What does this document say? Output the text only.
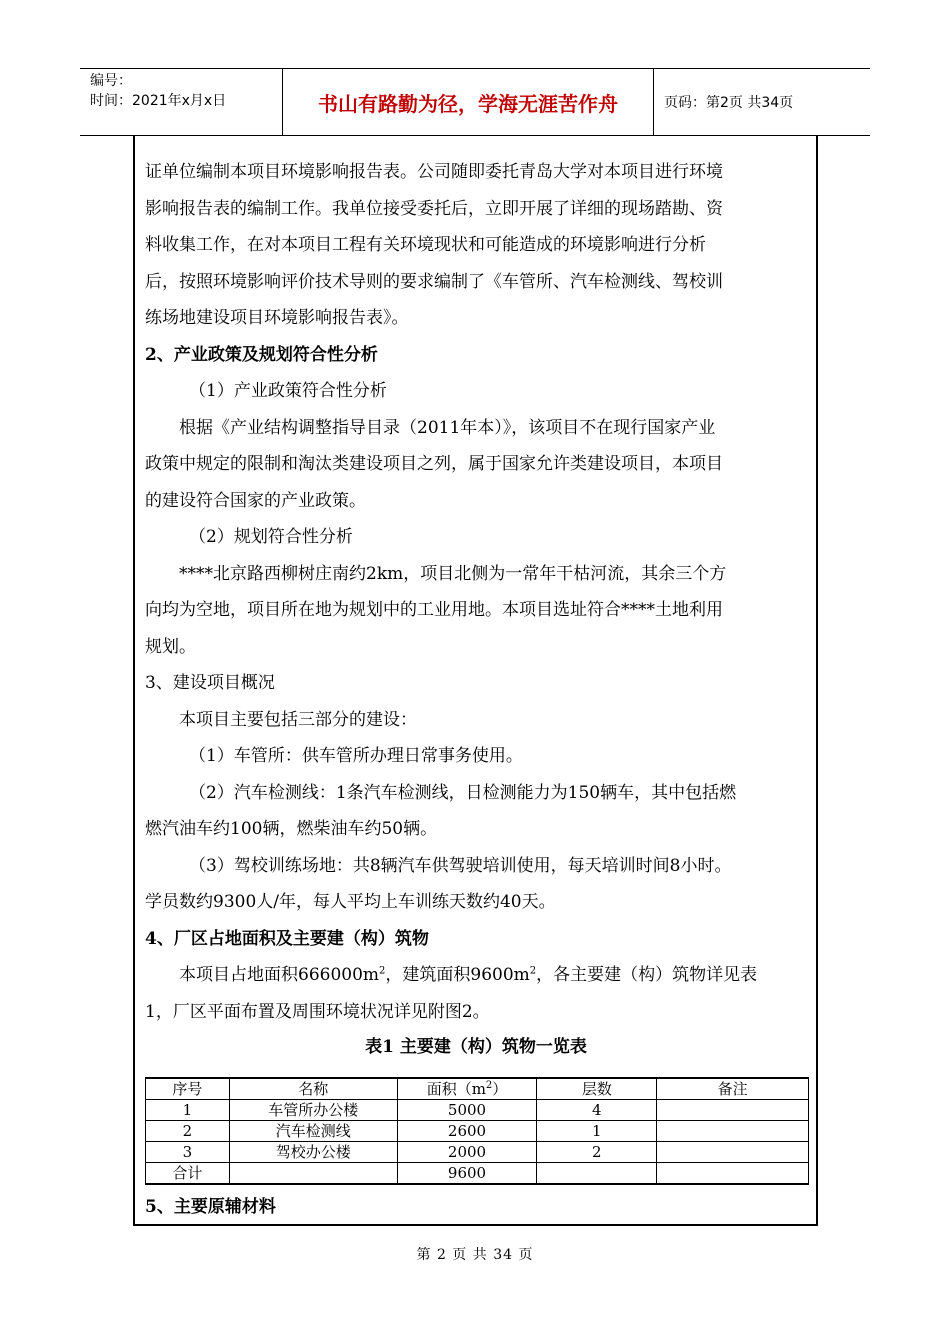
编号：
时间：2021年x月x日	书山有路勤为径，学海无涯苦作舟	页码：第2页 共34页

证单位编制本项目环境影响报告表。公司随即委托青岛大学对本项目进行环境

影响报告表的编制工作。我单位接受委托后，立即开展了详细的现场踏勘、资

料收集工作，在对本项目工程有关环境现状和可能造成的环境影响进行分析

后，按照环境影响评价技术导则的要求编制了《车管所、汽车检测线、驾校训

练场地建设项目环境影响报告表》。

2、产业政策及规划符合性分析

（1）产业政策符合性分析

根据《产业结构调整指导目录（2011年本）》，该项目不在现行国家产业

政策中规定的限制和淘汰类建设项目之列，属于国家允许类建设项目，本项目

的建设符合国家的产业政策。

（2）规划符合性分析

****北京路西柳树庄南约2km，项目北侧为一常年干枯河流，其余三个方

向均为空地，项目所在地为规划中的工业用地。本项目选址符合****土地利用

规划。

3、建设项目概况

本项目主要包括三部分的建设：

（1）车管所：供车管所办理日常事务使用。

（2）汽车检测线：1条汽车检测线，日检测能力为150辆车，其中包括燃

燃汽油车约100辆，燃柴油车约50辆。

（3）驾校训练场地：共8辆汽车供驾驶培训使用，每天培训时间8小时。

学员数约9300人/年，每人平均上车训练天数约40天。

4、厂区占地面积及主要建（构）筑物

本项目占地面积$666000m^2$，建筑面积$9600m^2$，各主要建（构）筑物详见表

1，厂区平面布置及周围环境状况详见附图2。

表1 主要建（构）筑物一览表

序号	名称	面积$(m^2)$	层数	备注
1	车管所办公楼	5000	4	
2	汽车检测线	2600	1	
3	驾校办公楼	2000	2	
合计		9600		

5、主要原辅材料

第 2 页 共 34 页
